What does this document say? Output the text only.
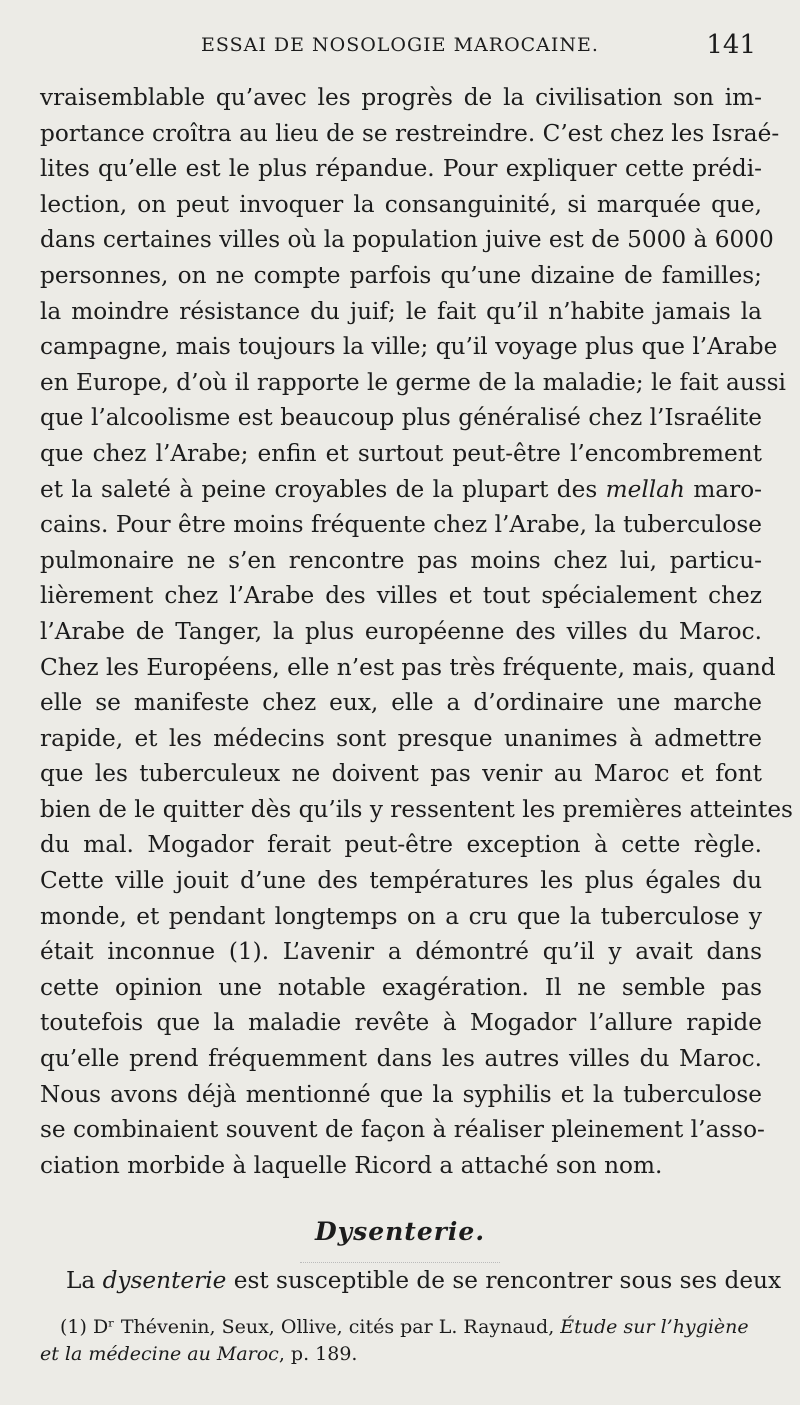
ESSAI DE NOSOLOGIE MAROCAINE.	141
vraisemblable qu’avec les progrès de la civilisation son im-
portance croîtra au lieu de se restreindre. C’est chez les Israé-
lites qu’elle est le plus répandue. Pour expliquer cette prédi-
lection, on peut invoquer la consanguinité, si marquée que,
dans certaines villes où la population juive est de 5000 à 6000
personnes, on ne compte parfois qu’une dizaine de familles;
la moindre résistance du juif; le fait qu’il n’habite jamais la
campagne, mais toujours la ville; qu’il voyage plus que l’Arabe
en Europe, d’où il rapporte le germe de la maladie; le fait aussi
que l’alcoolisme est beaucoup plus généralisé chez l’Israélite
que chez l’Arabe; enfin et surtout peut-être l’encombrement
et la saleté à peine croyables de la plupart des mellah maro-
cains. Pour être moins fréquente chez l’Arabe, la tuberculose
pulmonaire ne s’en rencontre pas moins chez lui, particu-
lièrement chez l’Arabe des villes et tout spécialement chez
l’Arabe de Tanger, la plus européenne des villes du Maroc.
Chez les Européens, elle n’est pas très fréquente, mais, quand
elle se manifeste chez eux, elle a d’ordinaire une marche
rapide, et les médecins sont presque unanimes à admettre
que les tuberculeux ne doivent pas venir au Maroc et font
bien de le quitter dès qu’ils y ressentent les premières atteintes
du mal. Mogador ferait peut-être exception à cette règle.
Cette ville jouit d’une des températures les plus égales du
monde, et pendant longtemps on a cru que la tuberculose y
était inconnue (1). L’avenir a démontré qu’il y avait dans
cette opinion une notable exagération. Il ne semble pas
toutefois que la maladie revête à Mogador l’allure rapide
qu’elle prend fréquemment dans les autres villes du Maroc.
Nous avons déjà mentionné que la syphilis et la tuberculose
se combinaient souvent de façon à réaliser pleinement l’asso-
ciation morbide à laquelle Ricord a attaché son nom.
Dysenterie.
La dysenterie est susceptible de se rencontrer sous ses deux
(1) Dʳ Thévenin, Seux, Ollive, cités par L. Raynaud, Étude sur l’hygiène
et la médecine au Maroc, p. 189.
